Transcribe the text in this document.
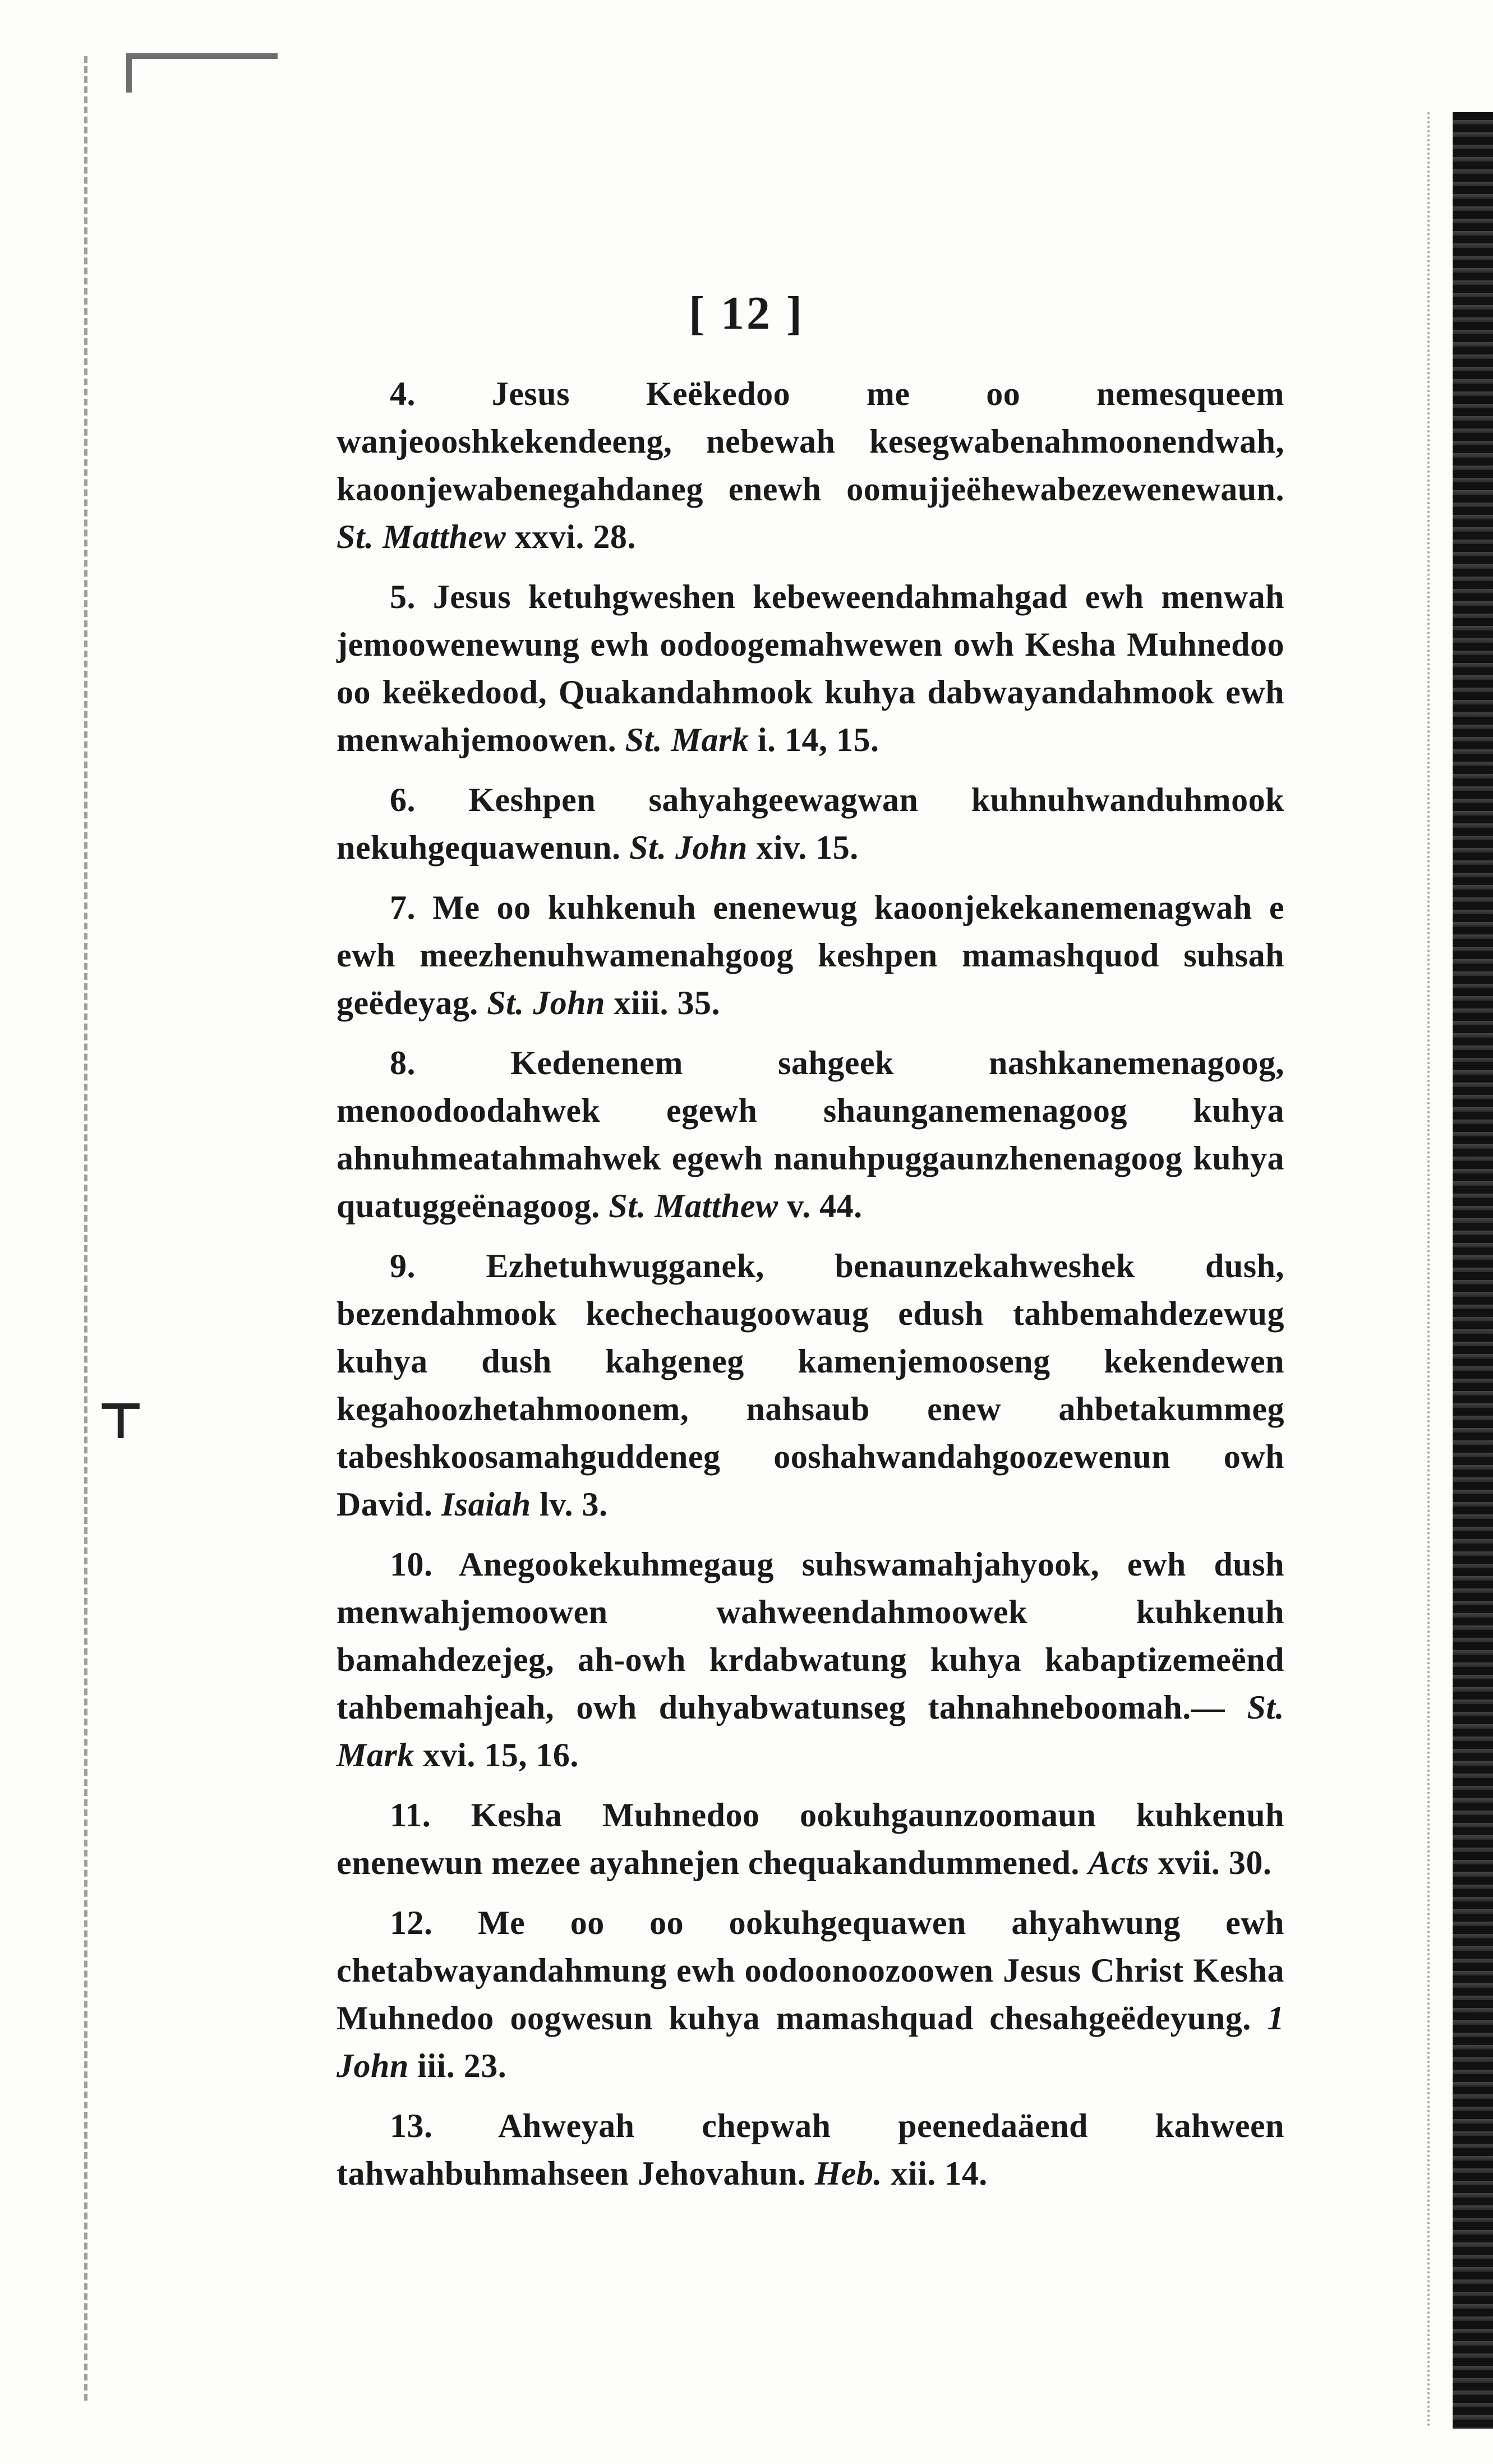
⊤
[ 12 ]

4. Jesus Keëkedoo me oo nemesqueem wanjeooshkekendeeng, nebewah kesegwabenahmoonendwah, kaoonjewabenegahdaneg enewh oomujjeëhewabezewenewaun. St. Matthew xxvi. 28.

5. Jesus ketuhgweshen kebeweendahmahgad ewh menwah jemoowenewung ewh oodoogemahwewen owh Kesha Muhnedoo oo keëkedood, Quakandahmook kuhya dabwayandahmook ewh menwahjemoowen. St. Mark i. 14, 15.

6. Keshpen sahyahgeewagwan kuhnuhwanduhmook nekuhgequawenun. St. John xiv. 15.

7. Me oo kuhkenuh enenewug kaoonjekekanemenagwah e ewh meezhenuhwamenahgoog keshpen mamashquod suhsah geëdeyag. St. John xiii. 35.

8.	Kedenenem sahgeek nashkanemenagoog, menoodoodahwek egewh shaunganemenagoog kuhya ahnuhmeatahmahwek egewh nanuhpuggaunzhenenagoog kuhya quatuggeënagoog. St. Matthew v. 44.

9. Ezhetuhwugganek, benaunzekahweshek dush, bezendahmook kechechaugoowaug edush tahbemahdezewug kuhya dush kahgeneg kamenjemooseng kekendewen kegahoozhetahmoonem, nahsaub enew ahbetakummeg tabeshkoosamahguddeneg ooshahwandahgoozewenun owh David. Isaiah lv. 3.

10. Anegookekuhmegaug suhswamahjahyook, ewh dush menwahjemoowen wahweendahmoowek kuhkenuh bamahdezejeg, ah-owh krdabwatung kuhya kabaptizemeënd tahbemahjeah, owh duhyabwatunseg tahnahneboomah.— St. Mark xvi. 15, 16.

11. Kesha Muhnedoo ookuhgaunzoomaun kuhkenuh enenewun mezee ayahnejen chequakandummened. Acts xvii. 30.

12. Me oo oo ookuhgequawen ahyahwung ewh chetabwayandahmung ewh oodoonoozoowen Jesus Christ Kesha Muhnedoo oogwesun kuhya mamashquad chesahgeëdeyung. 1 John iii. 23.

13. Ahweyah chepwah peenedaäend kahween tahwahbuhmahseen Jehovahun. Heb. xii. 14.
